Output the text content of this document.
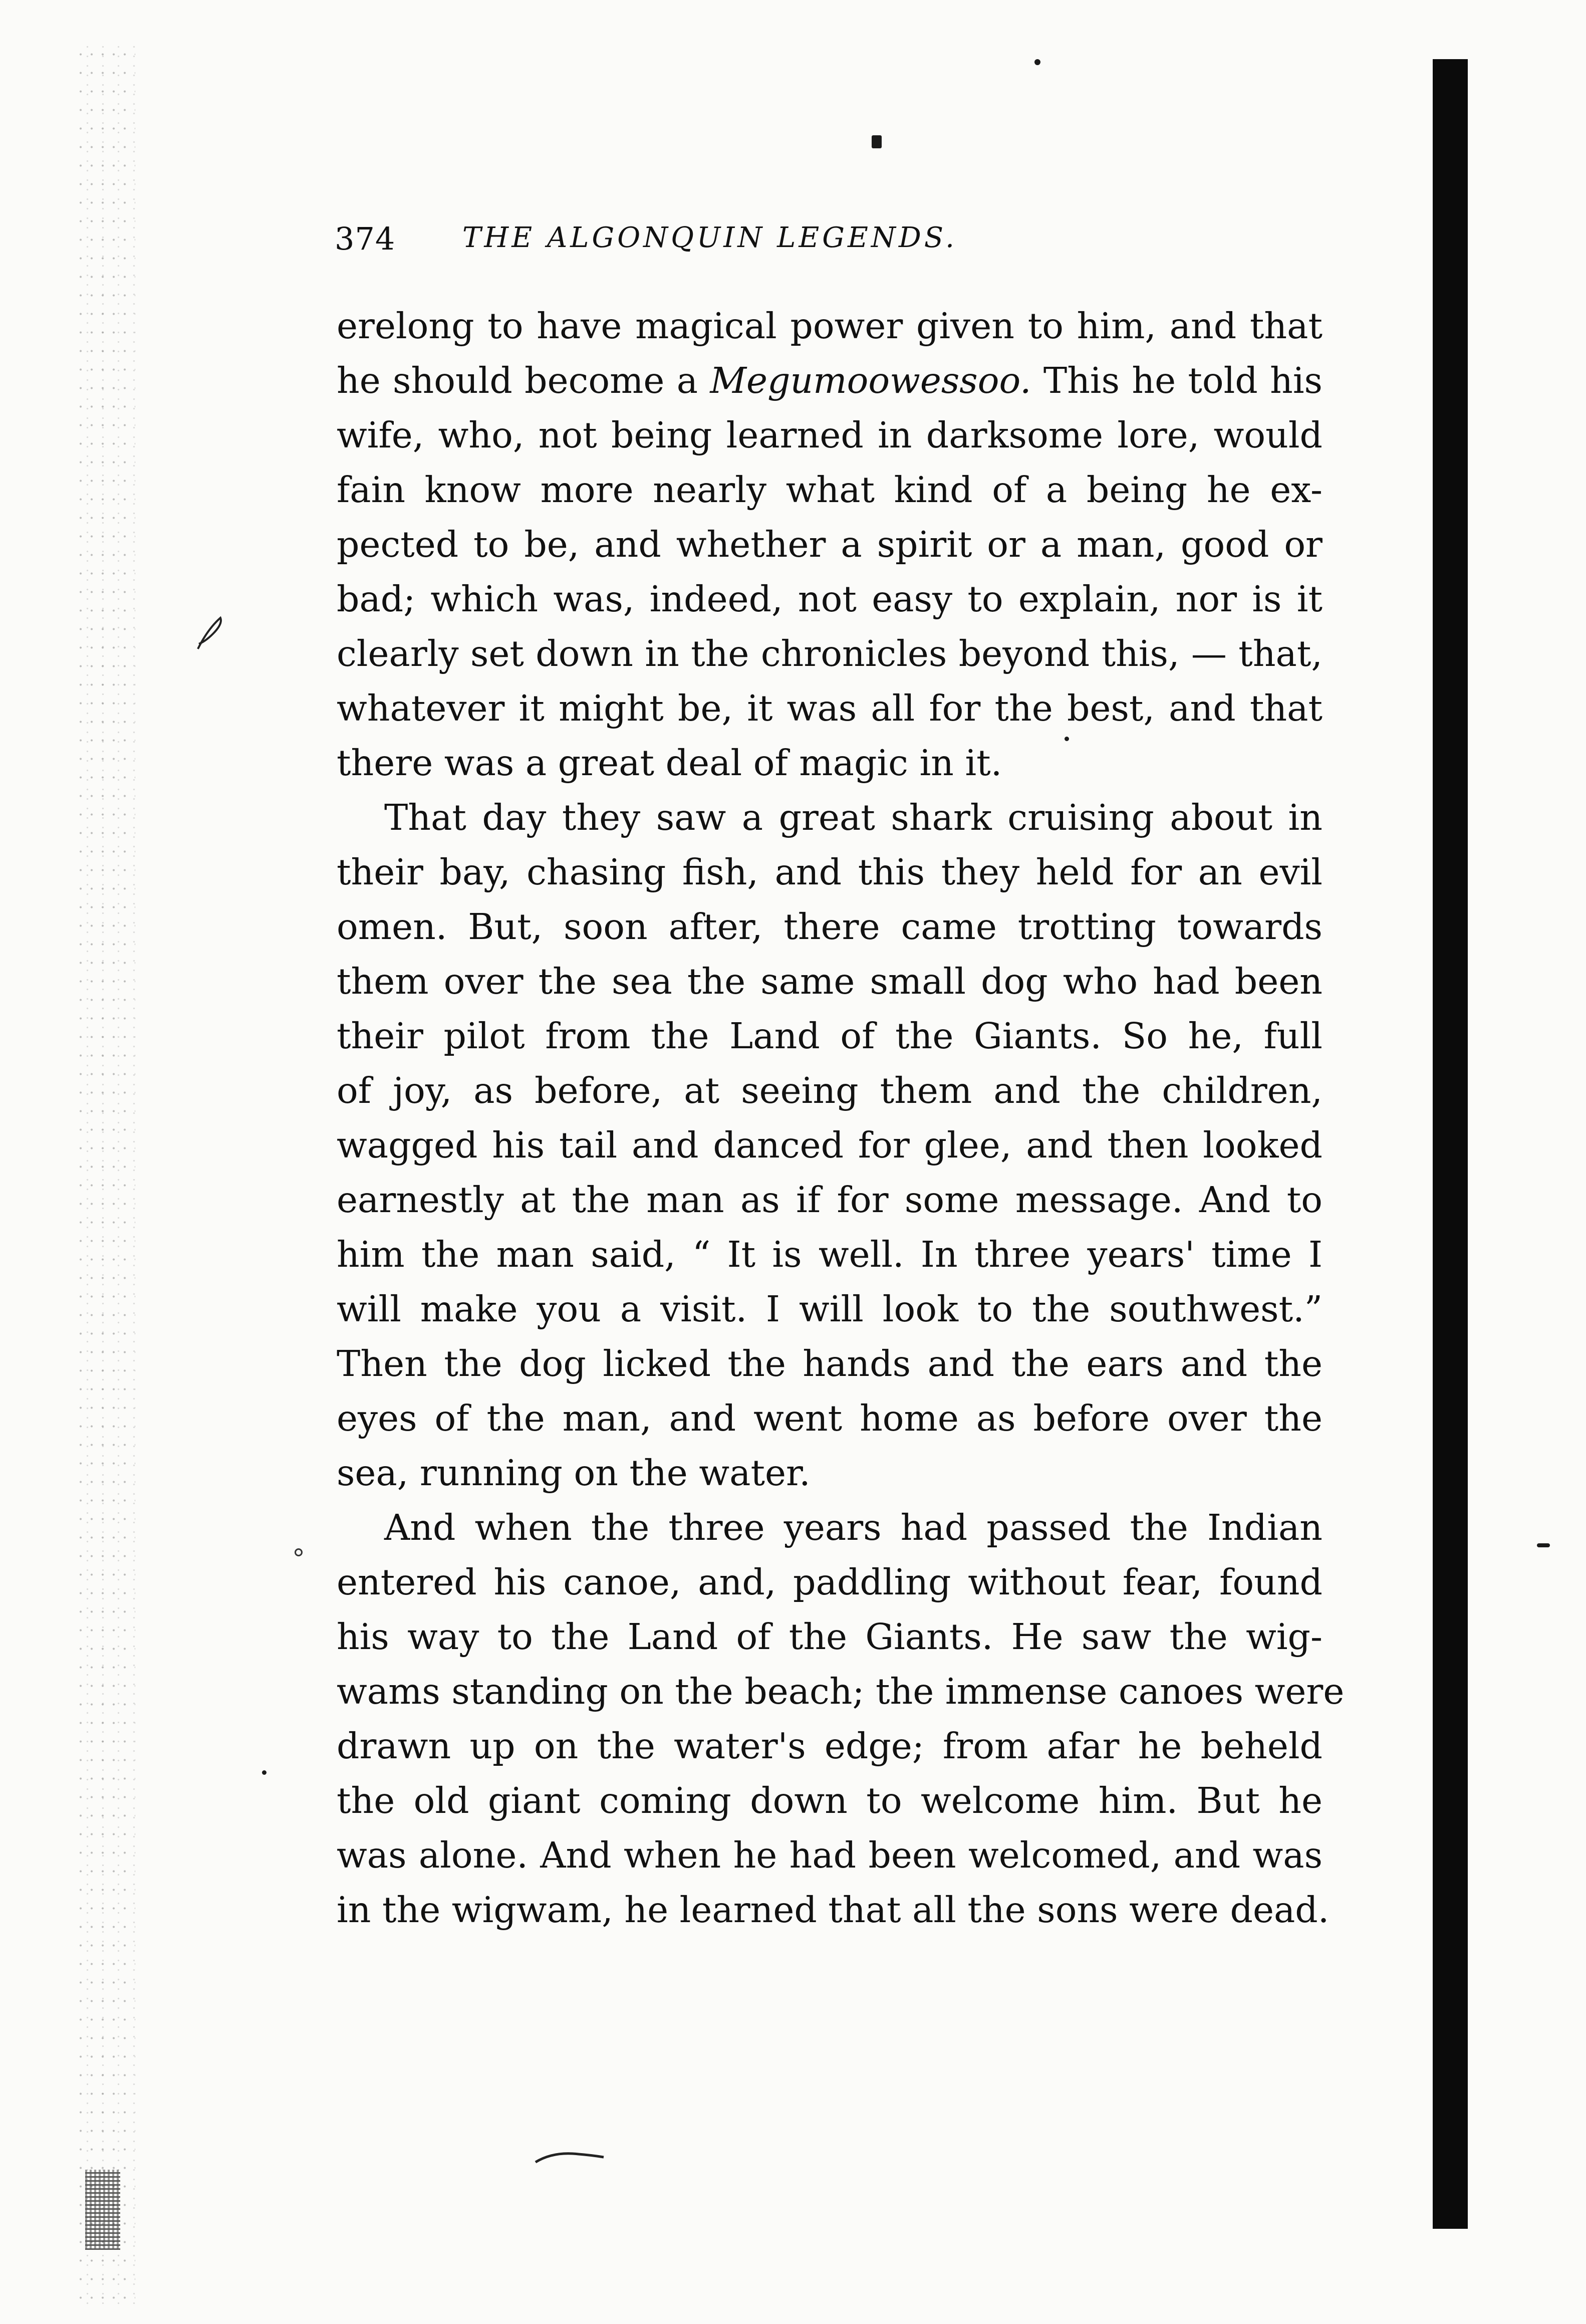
374 THE ALGONQUIN LEGENDS.
erelong to have magical power given to him, and that
he should become a Megumoowessoo. This he told his
wife, who, not being learned in darksome lore, would
fain know more nearly what kind of a being he ex-
pected to be, and whether a spirit or a man, good or
bad; which was, indeed, not easy to explain, nor is it
clearly set down in the chronicles beyond this, — that,
whatever it might be, it was all for the best, and that
there was a great deal of magic in it.
That day they saw a great shark cruising about in
their bay, chasing fish, and this they held for an evil
omen. But, soon after, there came trotting towards
them over the sea the same small dog who had been
their pilot from the Land of the Giants. So he, full
of joy, as before, at seeing them and the children,
wagged his tail and danced for glee, and then looked
earnestly at the man as if for some message. And to
him the man said, “ It is well. In three years' time I
will make you a visit. I will look to the southwest.”
Then the dog licked the hands and the ears and the
eyes of the man, and went home as before over the
sea, running on the water.
And when the three years had passed the Indian
entered his canoe, and, paddling without fear, found
his way to the Land of the Giants. He saw the wig-
wams standing on the beach; the immense canoes were
drawn up on the water's edge; from afar he beheld
the old giant coming down to welcome him. But he
was alone. And when he had been welcomed, and was
in the wigwam, he learned that all the sons were dead.
